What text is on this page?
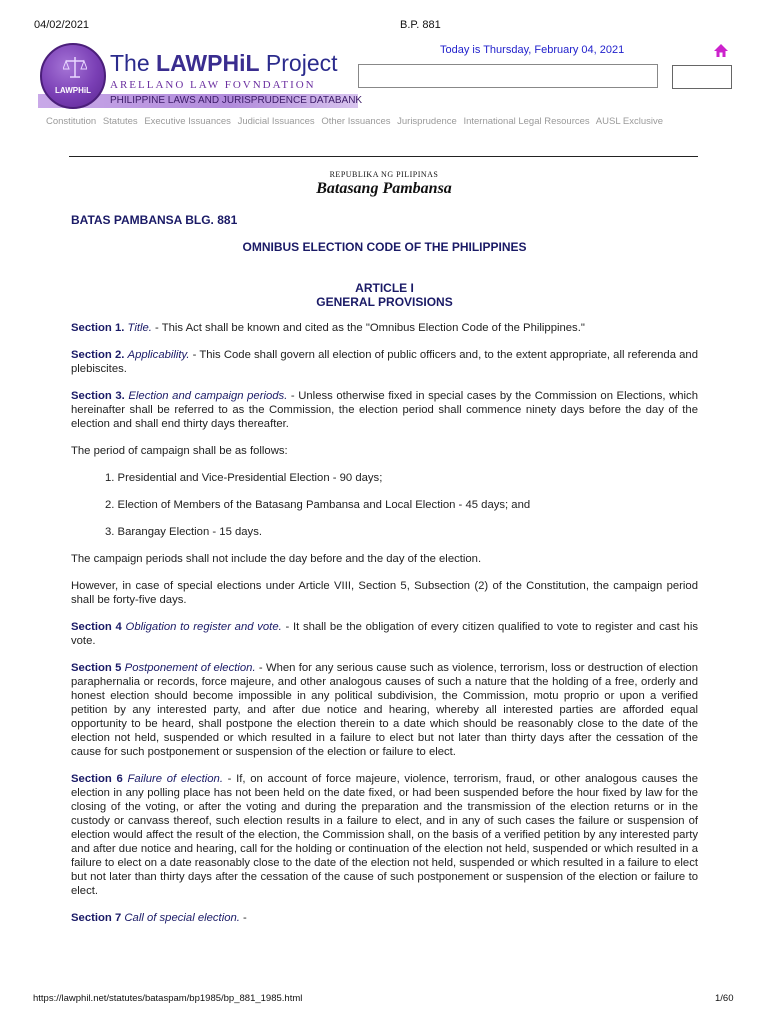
04/02/2021	B.P. 881
PHILIPPINE LAWS AND JURISPRUDENCE DATABANK
LAWPHiL
The LAWPHiL Project
ARELLANO LAW FOVNDATION
Today is Thursday, February 04, 2021
Constitution Statutes Executive Issuances Judicial Issuances Other Issuances Jurisprudence International Legal Resources AUSL Exclusive
REPUBLIKA NG PILIPINAS
Batasang Pambansa

BATAS PAMBANSA BLG. 881

OMNIBUS ELECTION CODE OF THE PHILIPPINES

ARTICLE I

GENERAL PROVISIONS

Section 1. Title. - This Act shall be known and cited as the "Omnibus Election Code of the Philippines."

Section 2. Applicability. - This Code shall govern all election of public officers and, to the extent appropriate, all referenda and plebiscites.

Section 3. Election and campaign periods. - Unless otherwise fixed in special cases by the Commission on Elections, which hereinafter shall be referred to as the Commission, the election period shall commence ninety days before the day of the election and shall end thirty days thereafter.

The period of campaign shall be as follows:

1. Presidential and Vice-Presidential Election - 90 days;

2. Election of Members of the Batasang Pambansa and Local Election - 45 days; and

3. Barangay Election - 15 days.

The campaign periods shall not include the day before and the day of the election.

However, in case of special elections under Article VIII, Section 5, Subsection (2) of the Constitution, the campaign period shall be forty-five days.

Section 4 Obligation to register and vote. - It shall be the obligation of every citizen qualified to vote to register and cast his vote.

Section 5 Postponement of election. - When for any serious cause such as violence, terrorism, loss or destruction of election paraphernalia or records, force majeure, and other analogous causes of such a nature that the holding of a free, orderly and honest election should become impossible in any political subdivision, the Commission, motu proprio or upon a verified petition by any interested party, and after due notice and hearing, whereby all interested parties are afforded equal opportunity to be heard, shall postpone the election therein to a date which should be reasonably close to the date of the election not held, suspended or which resulted in a failure to elect but not later than thirty days after the cessation of the cause for such postponement or suspension of the election or failure to elect.

Section 6 Failure of election. - If, on account of force majeure, violence, terrorism, fraud, or other analogous causes the election in any polling place has not been held on the date fixed, or had been suspended before the hour fixed by law for the closing of the voting, or after the voting and during the preparation and the transmission of the election returns or in the custody or canvass thereof, such election results in a failure to elect, and in any of such cases the failure or suspension of election would affect the result of the election, the Commission shall, on the basis of a verified petition by any interested party and after due notice and hearing, call for the holding or continuation of the election not held, suspended or which resulted in a failure to elect on a date reasonably close to the date of the election not held, suspended or which resulted in a failure to elect but not later than thirty days after the cessation of the cause of such postponement or suspension of the election or failure to elect.

Section 7 Call of special election. -

https://lawphil.net/statutes/bataspam/bp1985/bp_881_1985.html	1/60
